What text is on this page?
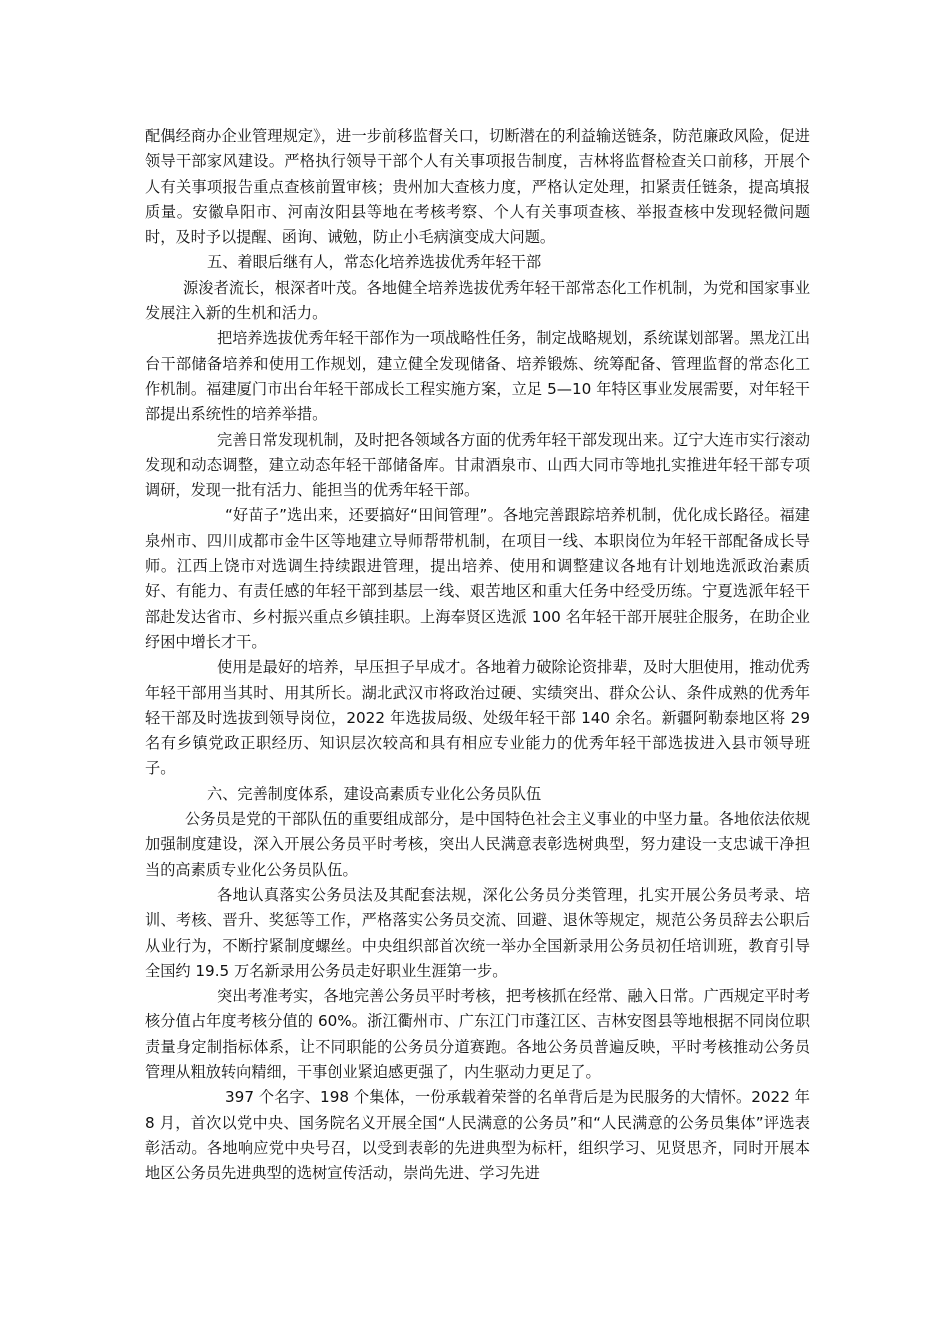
配偶经商办企业管理规定》，进一步前移监督关口，切断潜在的利益输送链条，防范廉政风险，促进领导干部家风建设。严格执行领导干部个人有关事项报告制度，吉林将监督检查关口前移，开展个人有关事项报告重点查核前置审核；贵州加大查核力度，严格认定处理，扣紧责任链条，提高填报质量。安徽阜阳市、河南汝阳县等地在考核考察、个人有关事项查核、举报查核中发现轻微问题时，及时予以提醒、函询、诫勉，防止小毛病演变成大问题。

五、着眼后继有人，常态化培养选拔优秀年轻干部

源浚者流长，根深者叶茂。各地健全培养选拔优秀年轻干部常态化工作机制，为党和国家事业发展注入新的生机和活力。

把培养选拔优秀年轻干部作为一项战略性任务，制定战略规划，系统谋划部署。黑龙江出台干部储备培养和使用工作规划，建立健全发现储备、培养锻炼、统筹配备、管理监督的常态化工作机制。福建厦门市出台年轻干部成长工程实施方案，立足 5—10 年特区事业发展需要，对年轻干部提出系统性的培养举措。

完善日常发现机制，及时把各领域各方面的优秀年轻干部发现出来。辽宁大连市实行滚动发现和动态调整，建立动态年轻干部储备库。甘肃酒泉市、山西大同市等地扎实推进年轻干部专项调研，发现一批有活力、能担当的优秀年轻干部。

“好苗子”选出来，还要搞好“田间管理”。各地完善跟踪培养机制，优化成长路径。福建泉州市、四川成都市金牛区等地建立导师帮带机制，在项目一线、本职岗位为年轻干部配备成长导师。江西上饶市对选调生持续跟进管理，提出培养、使用和调整建议各地有计划地选派政治素质好、有能力、有责任感的年轻干部到基层一线、艰苦地区和重大任务中经受历练。宁夏选派年轻干部赴发达省市、乡村振兴重点乡镇挂职。上海奉贤区选派 100 名年轻干部开展驻企服务，在助企业纾困中增长才干。

使用是最好的培养，早压担子早成才。各地着力破除论资排辈，及时大胆使用，推动优秀年轻干部用当其时、用其所长。湖北武汉市将政治过硬、实绩突出、群众公认、条件成熟的优秀年轻干部及时选拔到领导岗位，2022 年选拔局级、处级年轻干部 140 余名。新疆阿勒泰地区将 29 名有乡镇党政正职经历、知识层次较高和具有相应专业能力的优秀年轻干部选拔进入县市领导班子。

六、完善制度体系，建设高素质专业化公务员队伍

公务员是党的干部队伍的重要组成部分，是中国特色社会主义事业的中坚力量。各地依法依规加强制度建设，深入开展公务员平时考核，突出人民满意表彰选树典型，努力建设一支忠诚干净担当的高素质专业化公务员队伍。

各地认真落实公务员法及其配套法规，深化公务员分类管理，扎实开展公务员考录、培训、考核、晋升、奖惩等工作，严格落实公务员交流、回避、退休等规定，规范公务员辞去公职后从业行为，不断拧紧制度螺丝。中央组织部首次统一举办全国新录用公务员初任培训班，教育引导全国约 19.5 万名新录用公务员走好职业生涯第一步。

突出考准考实，各地完善公务员平时考核，把考核抓在经常、融入日常。广西规定平时考核分值占年度考核分值的 60%。浙江衢州市、广东江门市蓬江区、吉林安图县等地根据不同岗位职责量身定制指标体系，让不同职能的公务员分道赛跑。各地公务员普遍反映，平时考核推动公务员管理从粗放转向精细，干事创业紧迫感更强了，内生驱动力更足了。

397 个名字、198 个集体，一份承载着荣誉的名单背后是为民服务的大情怀。2022 年 8 月，首次以党中央、国务院名义开展全国“人民满意的公务员”和“人民满意的公务员集体”评选表彰活动。各地响应党中央号召，以受到表彰的先进典型为标杆，组织学习、见贤思齐，同时开展本地区公务员先进典型的选树宣传活动，崇尚先进、学习先进
